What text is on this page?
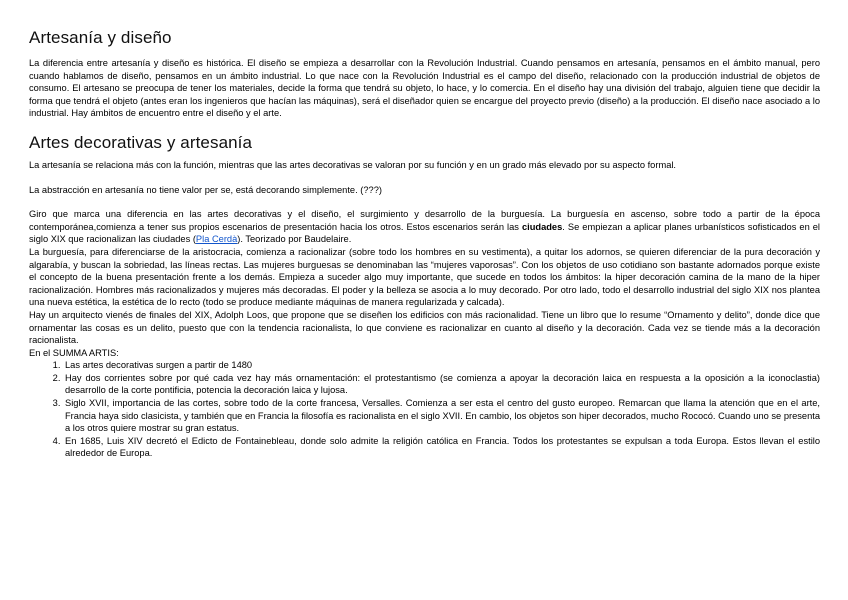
Artesanía y diseño

La diferencia entre artesanía y diseño es histórica. El diseño se empieza a desarrollar con la Revolución Industrial. Cuando pensamos en artesanía, pensamos en el ámbito manual, pero cuando hablamos de diseño, pensamos en un ámbito industrial. Lo que nace con la Revolución Industrial es el campo del diseño, relacionado con la producción industrial de objetos de consumo. El artesano se preocupa de tener los materiales, decide la forma que tendrá su objeto, lo hace, y lo comercia. En el diseño hay una división del trabajo, alguien tiene que decidir la forma que tendrá el objeto (antes eran los ingenieros que hacían las máquinas), será el diseñador quien se encargue del proyecto previo (diseño) a la producción. El diseño nace asociado a lo industrial. Hay ámbitos de encuentro entre el diseño y el arte.

Artes decorativas y artesanía

La artesanía se relaciona más con la función, mientras que las artes decorativas se valoran por su función y en un grado más elevado por su aspecto formal.

La abstracción en artesanía no tiene valor per se, está decorando simplemente. (???)

Giro que marca una diferencia en las artes decorativas y el diseño, el surgimiento y desarrollo de la burguesía. La burguesía en ascenso, sobre todo a partir de la época contemporánea,comienza a tener sus propios escenarios de presentación hacia los otros. Estos escenarios serán las ciudades. Se empiezan a aplicar planes urbanísticos sofisticados en el siglo XIX que racionalizan las ciudades (Pla Cerdà). Teorizado por Baudelaire.

La burguesía, para diferenciarse de la aristocracia, comienza a racionalizar (sobre todo los hombres en su vestimenta), a quitar los adornos, se quieren diferenciar de la pura decoración y algarabía, y buscan la sobriedad, las líneas rectas. Las mujeres burguesas se denominaban las “mujeres vaporosas”. Con los objetos de uso cotidiano son bastante adornados porque existe el concepto de la buena presentación frente a los demás. Empieza a suceder algo muy importante, que sucede en todos los ámbitos: la hiper decoración camina de la mano de la hiper racionalización. Hombres más racionalizados y mujeres más decoradas. El poder y la belleza se asocia a lo muy decorado. Por otro lado, todo el desarrollo industrial del siglo XIX nos plantea una nueva estética, la estética de lo recto (todo se produce mediante máquinas de manera regularizada y calcada).

Hay un arquitecto vienés de finales del XIX, Adolph Loos, que propone que se diseñen los edificios con más racionalidad. Tiene un libro que lo resume “Ornamento y delito”, donde dice que ornamentar las cosas es un delito, puesto que con la tendencia racionalista, lo que conviene es racionalizar en cuanto al diseño y la decoración. Cada vez se tiende más a la decoración racionalista.

En el SUMMA ARTIS:

1. Las artes decorativas surgen a partir de 1480
2. Hay dos corrientes sobre por qué cada vez hay más ornamentación: el protestantismo (se comienza a apoyar la decoración laica en respuesta a la oposición a la iconoclastia) desarrollo de la corte pontificia, potencia la decoración laica y lujosa.
3. Siglo XVII, importancia de las cortes, sobre todo de la corte francesa, Versalles. Comienza a ser esta el centro del gusto europeo. Remarcan que llama la atención que en el arte, Francia haya sido clasicista, y también que en Francia la filosofía es racionalista en el siglo XVII. En cambio, los objetos son hiper decorados, mucho Rococó. Cuando uno se presenta a los otros quiere mostrar su gran estatus.
4. En 1685, Luis XIV decretó el Edicto de Fontainebleau, donde solo admite la religión católica en Francia. Todos los protestantes se expulsan a toda Europa. Estos llevan el estilo alrededor de Europa.
